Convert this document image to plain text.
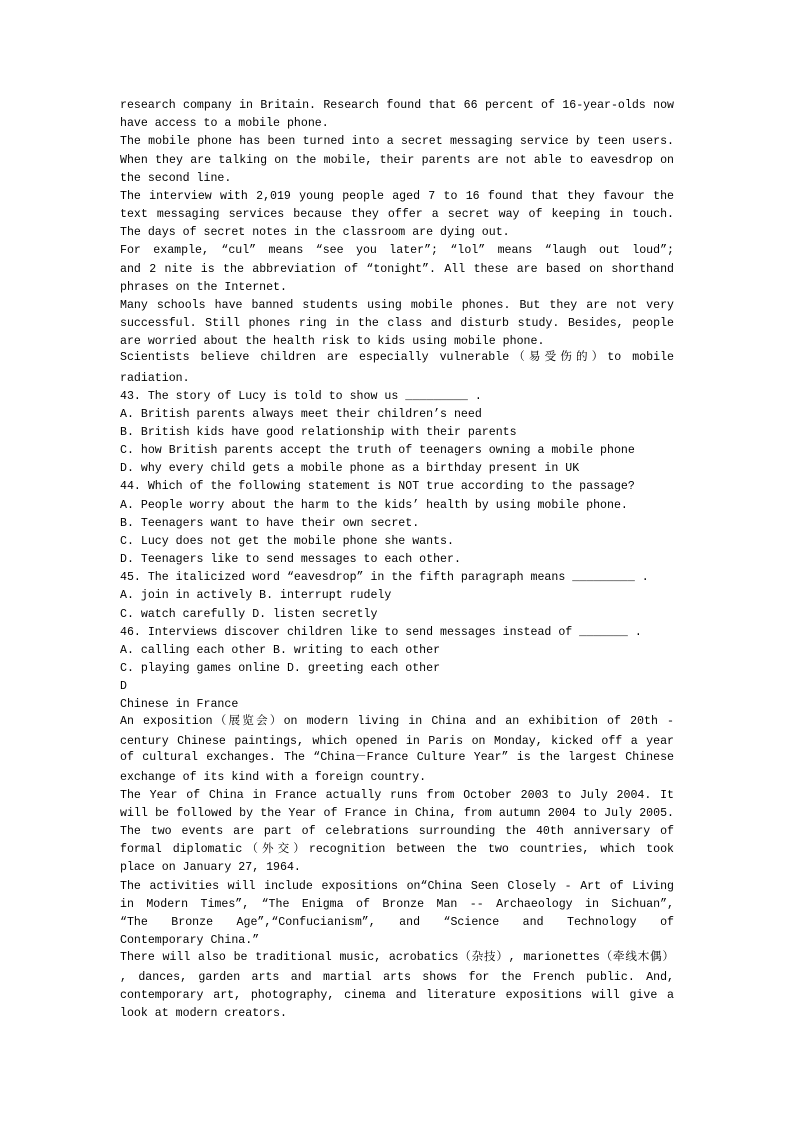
research company in Britain. Research found that 66 percent of 16-year-olds now
have access to a mobile phone.
The mobile phone has been turned into a secret messaging service by teen users.
When they are talking on the mobile, their parents are not able to eavesdrop on
the second line.
The interview with 2,019 young people aged 7 to 16 found that they favour the
text messaging services because they offer a secret way of keeping in touch.
The days of secret notes in the classroom are dying out.
For example, “cul” means “see you later”; “lol” means “laugh out loud”;
and 2 nite is the abbreviation of “tonight”. All these are based on shorthand
phrases on the Internet.
Many schools have banned students using mobile phones. But they are not very
successful. Still phones ring in the class and disturb study. Besides, people
are worried about the health risk to kids using mobile phone.
Scientists believe children are especially vulnerable（易受伤的）to mobile
radiation.
43. The story of Lucy is told to show us _________ .
A. British parents always meet their children’s need
B. British kids have good relationship with their parents
C. how British parents accept the truth of teenagers owning a mobile phone
D. why every child gets a mobile phone as a birthday present in UK
44. Which of the following statement is NOT true according to the passage?
A. People worry about the harm to the kids’ health by using mobile phone.
B. Teenagers want to have their own secret.
C. Lucy does not get the mobile phone she wants.
D. Teenagers like to send messages to each other.
45. The italicized word “eavesdrop” in the fifth paragraph means _________ .
A. join in actively B. interrupt rudely
C. watch carefully D. listen secretly
46. Interviews discover children like to send messages instead of _______ .
A. calling each other B. writing to each other
C. playing games online D. greeting each other
D
Chinese in France
An exposition（展览会）on modern living in China and an exhibition of 20th -
century Chinese paintings, which opened in Paris on Monday, kicked off a year
of cultural exchanges. The “China－France Culture Year” is the largest Chinese
exchange of its kind with a foreign country.
The Year of China in France actually runs from October 2003 to July 2004. It
will be followed by the Year of France in China, from autumn 2004 to July 2005.
The two events are part of celebrations surrounding the 40th anniversary of
formal diplomatic（外交）recognition between the two countries, which took
place on January 27, 1964.
The activities will include expositions on“China Seen Closely - Art of Living
in Modern Times”, “The Enigma of Bronze Man -- Archaeology in Sichuan”,
“The Bronze Age”,“Confucianism”, and “Science and Technology of
Contemporary China.”
There will also be traditional music, acrobatics（杂技）, marionettes（牵线木偶）
, dances, garden arts and martial arts shows for the French public. And,
contemporary art, photography, cinema and literature expositions will give a
look at modern creators.
